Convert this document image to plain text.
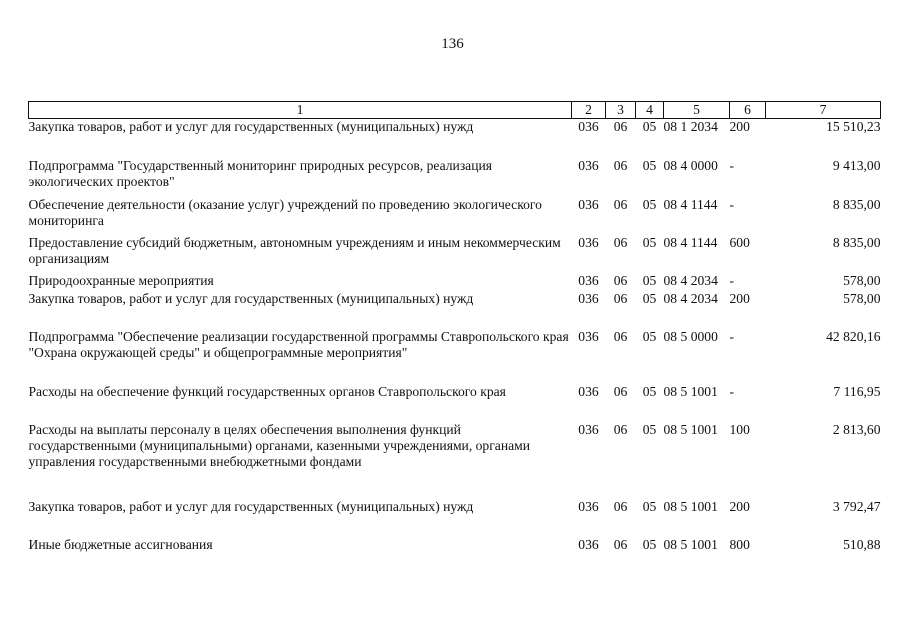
136
1	2	3	4	5	6	7
Закупка товаров, работ и услуг для государственных (муниципальных) нужд	036	06	05	08 1 2034	200	15 510,23
Подпрограмма "Государственный мониторинг природных ресурсов, реализация экологических проектов"	036	06	05	08 4 0000	-	9 413,00
Обеспечение деятельности (оказание услуг) учреждений по проведению экологического мониторинга	036	06	05	08 4 1144	-	8 835,00
Предоставление субсидий бюджетным, автономным учреждениям и иным некоммерческим организациям	036	06	05	08 4 1144	600	8 835,00
Природоохранные мероприятия	036	06	05	08 4 2034	-	578,00
Закупка товаров, работ и услуг для государственных (муниципальных) нужд	036	06	05	08 4 2034	200	578,00
Подпрограмма "Обеспечение реализации государственной программы Ставропольского края "Охрана окружающей среды" и общепрограммные мероприятия"	036	06	05	08 5 0000	-	42 820,16
Расходы на обеспечение функций государственных органов Ставропольского края	036	06	05	08 5 1001	-	7 116,95
Расходы на выплаты персоналу в целях обеспечения выполнения функций государственными (муниципальными) органами, казенными учреждениями, органами управления государственными внебюджетными фондами	036	06	05	08 5 1001	100	2 813,60
Закупка товаров, работ и услуг для государственных (муниципальных) нужд	036	06	05	08 5 1001	200	3 792,47
Иные бюджетные ассигнования	036	06	05	08 5 1001	800	510,88
